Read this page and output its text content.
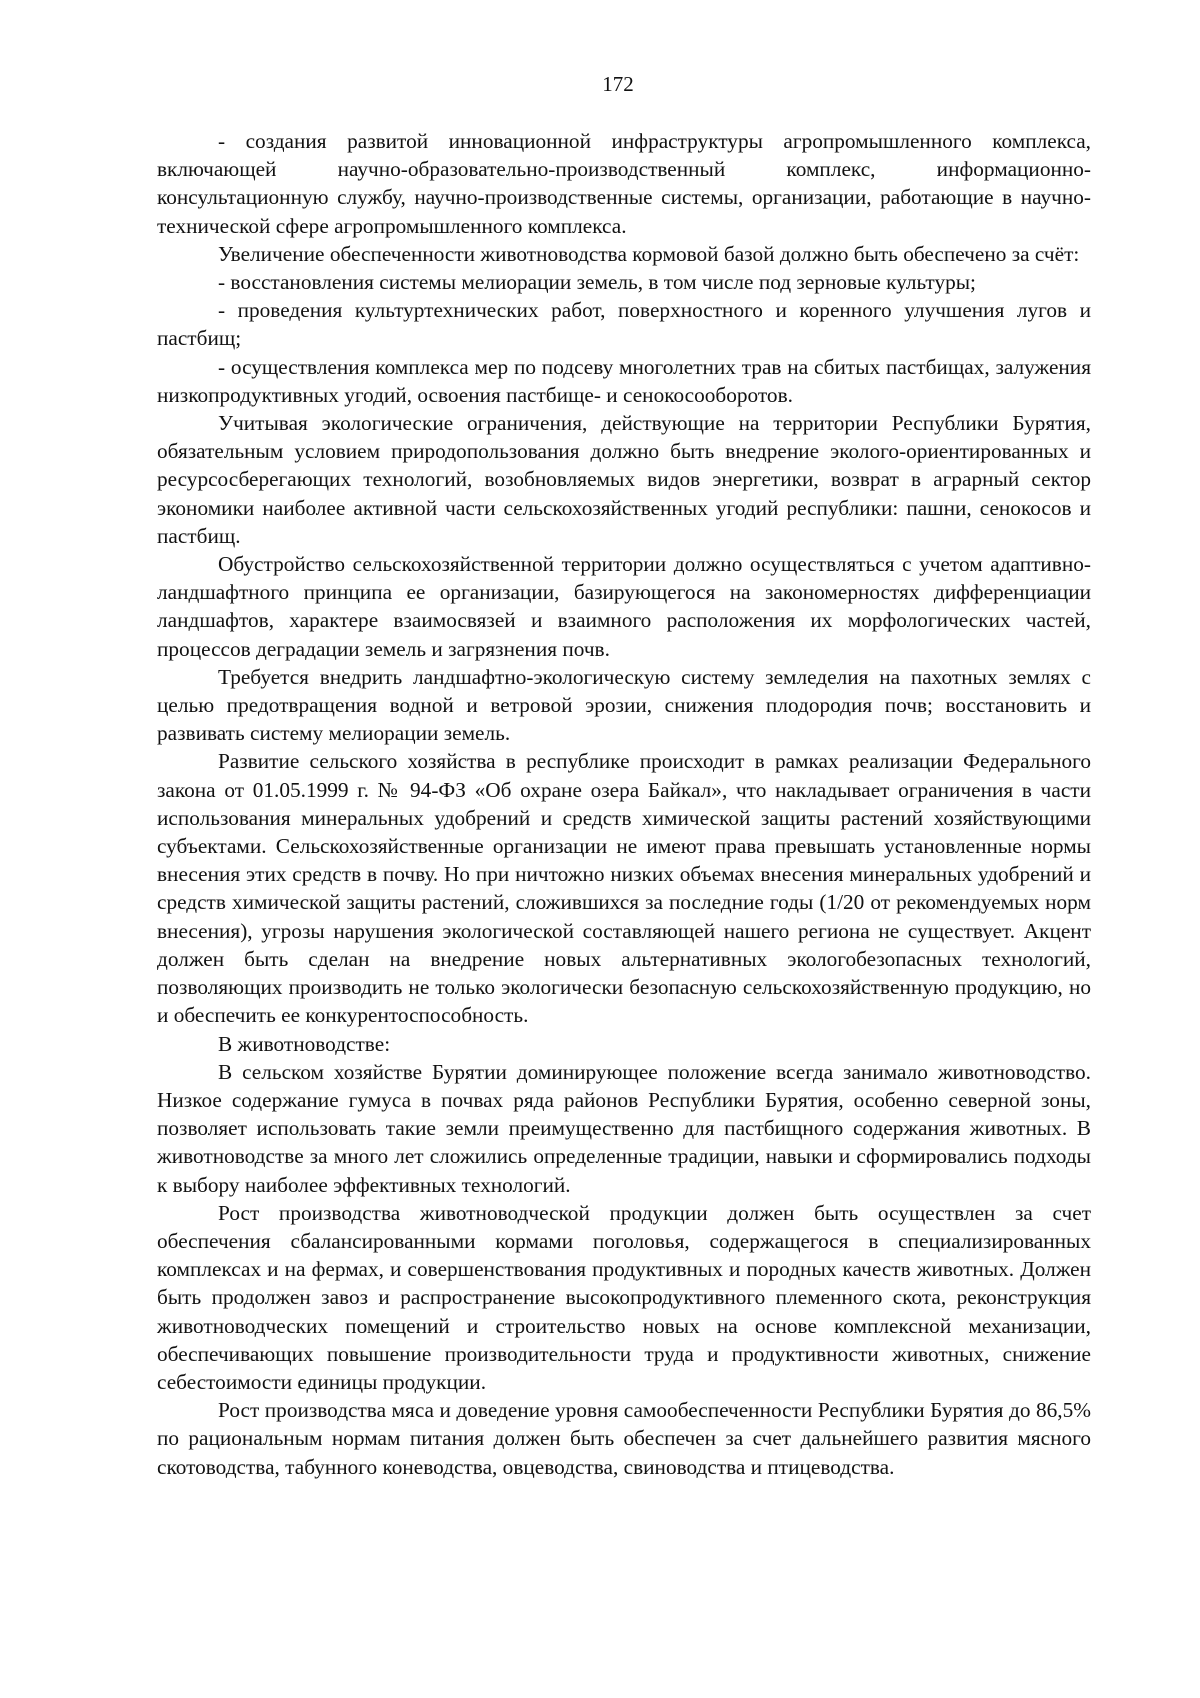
172

- создания развитой инновационной инфраструктуры агропромышленного комплекса, включающей научно-образовательно-производственный комплекс, информационно-консультационную службу, научно-производственные системы, организации, работающие в научно-технической сфере агропромышленного комплекса.

Увеличение обеспеченности животноводства кормовой базой должно быть обеспечено за счёт:

- восстановления системы мелиорации земель, в том числе под зерновые культуры;

- проведения культуртехнических работ, поверхностного и коренного улучшения лугов и пастбищ;

- осуществления комплекса мер по подсеву многолетних трав на сбитых пастбищах, залужения низкопродуктивных угодий, освоения пастбище- и сенокосооборотов.

Учитывая экологические ограничения, действующие на территории Республики Бурятия, обязательным условием природопользования должно быть внедрение эколого-ориентированных и ресурсосберегающих технологий, возобновляемых видов энергетики, возврат в аграрный сектор экономики наиболее активной части сельскохозяйственных угодий республики: пашни, сенокосов и пастбищ.

Обустройство сельскохозяйственной территории должно осуществляться с учетом адаптивно-ландшафтного принципа ее организации, базирующегося на закономерностях дифференциации ландшафтов, характере взаимосвязей и взаимного расположения их морфологических частей, процессов деградации земель и загрязнения почв.

Требуется внедрить ландшафтно-экологическую систему земледелия на пахотных землях с целью предотвращения водной и ветровой эрозии, снижения плодородия почв; восстановить и развивать систему мелиорации земель.

Развитие сельского хозяйства в республике происходит в рамках реализации Федерального закона от 01.05.1999 г. № 94-ФЗ «Об охране озера Байкал», что накладывает ограничения в части использования минеральных удобрений и средств химической защиты растений хозяйствующими субъектами. Сельскохозяйственные организации не имеют права превышать установленные нормы внесения этих средств в почву. Но при ничтожно низких объемах внесения минеральных удобрений и средств химической защиты растений, сложившихся за последние годы (1/20 от рекомендуемых норм внесения), угрозы нарушения экологической составляющей нашего региона не существует. Акцент должен быть сделан на внедрение новых альтернативных экологобезопасных технологий, позволяющих производить не только экологически безопасную сельскохозяйственную продукцию, но и обеспечить ее конкурентоспособность.

В животноводстве:

В сельском хозяйстве Бурятии доминирующее положение всегда занимало животноводство. Низкое содержание гумуса в почвах ряда районов Республики Бурятия, особенно северной зоны, позволяет использовать такие земли преимущественно для пастбищного содержания животных. В животноводстве за много лет сложились определенные традиции, навыки и сформировались подходы к выбору наиболее эффективных технологий.

Рост производства животноводческой продукции должен быть осуществлен за счет обеспечения сбалансированными кормами поголовья, содержащегося в специализированных комплексах и на фермах, и совершенствования продуктивных и породных качеств животных. Должен быть продолжен завоз и распространение высокопродуктивного племенного скота, реконструкция животноводческих помещений и строительство новых на основе комплексной механизации, обеспечивающих повышение производительности труда и продуктивности животных, снижение себестоимости единицы продукции.

Рост производства мяса и доведение уровня самообеспеченности Республики Бурятия до 86,5% по рациональным нормам питания должен быть обеспечен за счет дальнейшего развития мясного скотоводства, табунного коневодства, овцеводства, свиноводства и птицеводства.
